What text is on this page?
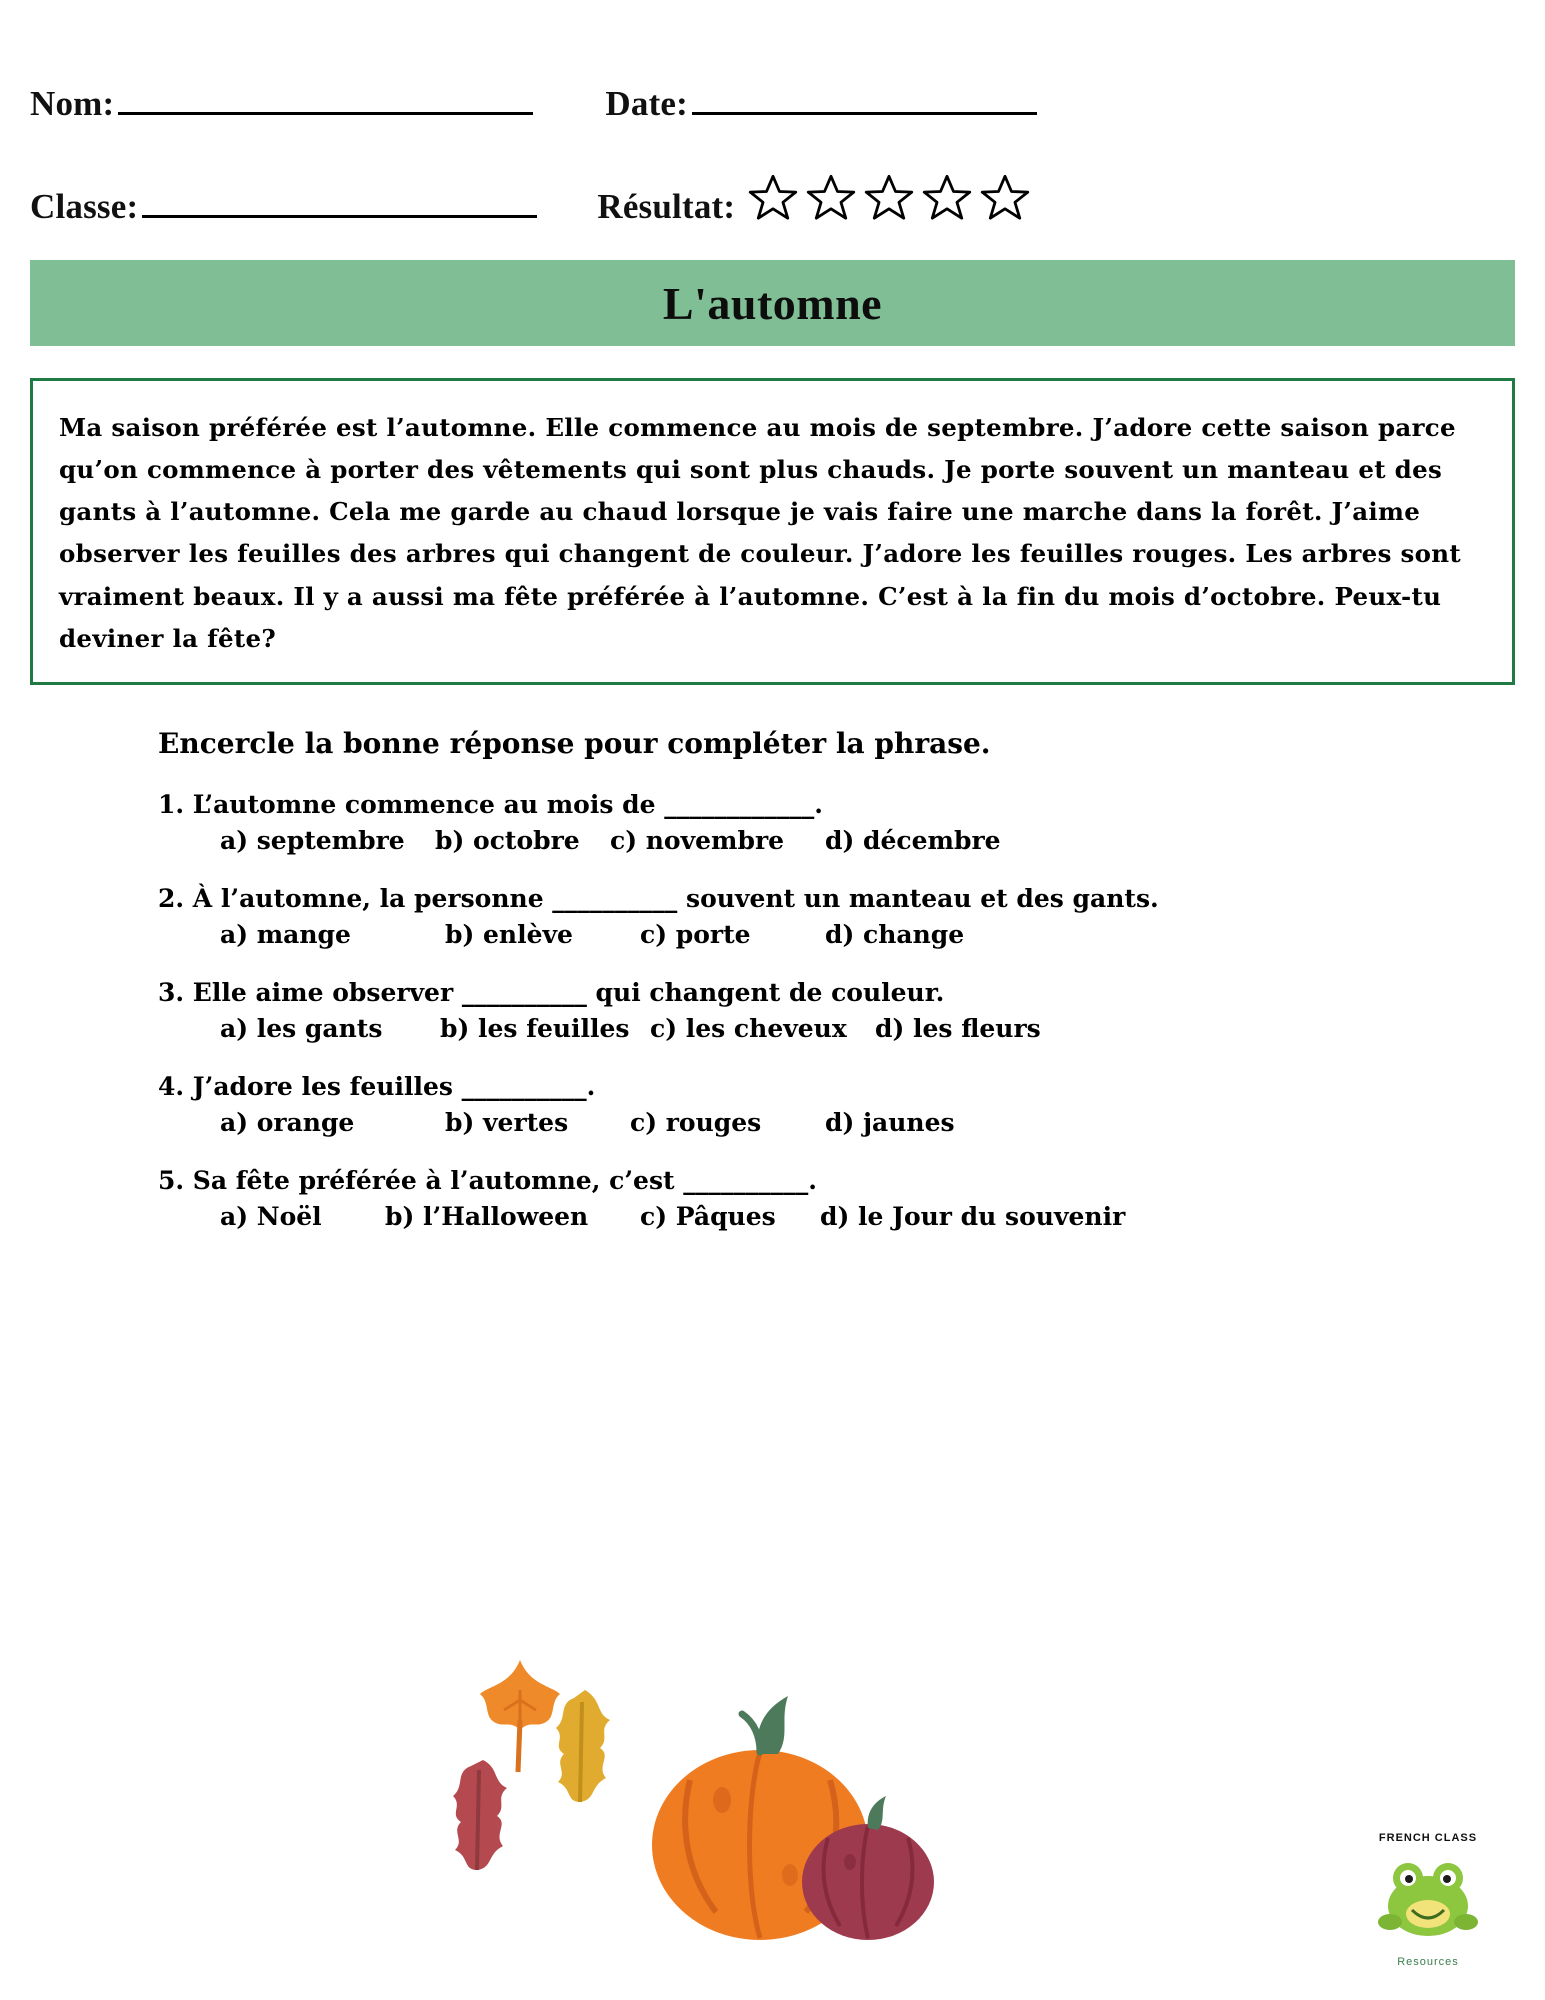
Nom:	Date:
Classe:	Résultat:
L'automne
Ma saison préférée est l’automne. Elle commence au mois de septembre. J’adore cette saison parce qu’on commence à porter des vêtements qui sont plus chauds. Je porte souvent un manteau et des gants à l’automne. Cela me garde au chaud lorsque je vais faire une marche dans la forêt. J’aime observer les feuilles des arbres qui changent de couleur. J’adore les feuilles rouges. Les arbres sont vraiment beaux. Il y a aussi ma fête préférée à l’automne. C’est à la fin du mois d’octobre. Peux-tu deviner la fête?
Encercle la bonne réponse pour compléter la phrase.
1. L’automne commence au mois de ____________.
a) septembre	b) octobre	c) novembre	d) décembre
2. À l’automne, la personne __________ souvent un manteau et des gants.
a) mange	b) enlève	c) porte	d) change
3. Elle aime observer __________ qui changent de couleur.
a) les gants	b) les feuilles c) les cheveux	d) les fleurs
4. J’adore les feuilles __________.
a) orange	b) vertes	c) rouges	d) jaunes
5. Sa fête préférée à l’automne, c’est __________.
a) Noël	b) l’Halloween	c) Pâques	d) le Jour du souvenir
FRENCH CLASS
Resources
